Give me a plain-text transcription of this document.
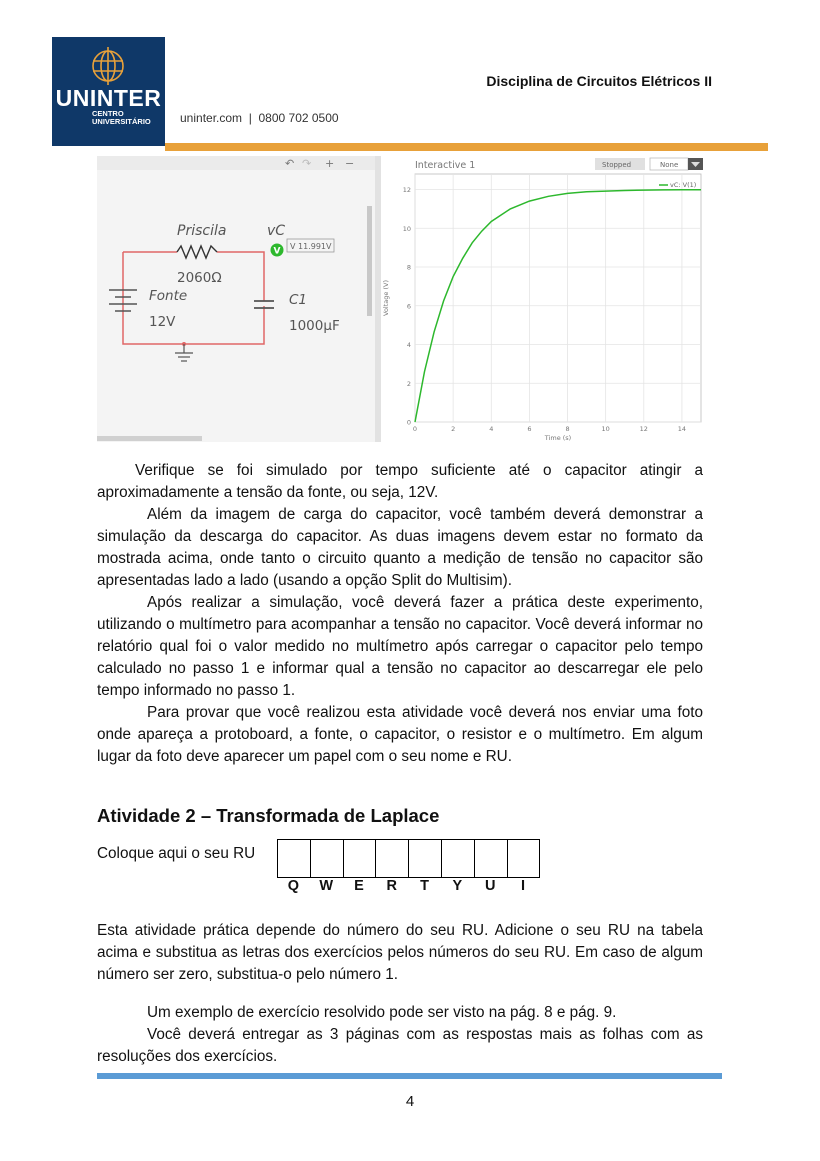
UNINTER
CENTRO
UNIVERSITÁRIO uninter.com  |  0800 702 0500
Disciplina de Circuitos Elétricos II
↶ ↷ + −
Priscila
2060Ω
Fonte
12V
C1
1000µF
vC
V V 11.991V
Interactive 1	Stopped	None
0	2	4	6	8	10	12	14
0
2
4
6
8
10
12
Time (s)
Voltage (V)
vC: V(1)

Verifique se foi simulado por tempo suficiente até o capacitor atingir a aproximadamente a tensão da fonte, ou seja, 12V.

Além da imagem de carga do capacitor, você também deverá demonstrar a simulação da descarga do capacitor. As duas imagens devem estar no formato da mostrada acima, onde tanto o circuito quanto a medição de tensão no capacitor são apresentadas lado a lado (usando a opção Split do Multisim).

Após realizar a simulação, você deverá fazer a prática deste experimento, utilizando o multímetro para acompanhar a tensão no capacitor. Você deverá informar no relatório qual foi o valor medido no multímetro após carregar o capacitor pelo tempo calculado no passo 1 e informar qual a tensão no capacitor ao descarregar ele pelo tempo informado no passo 1.

Para provar que você realizou esta atividade você deverá nos enviar uma foto onde apareça a protoboard, a fonte, o capacitor, o resistor e o multímetro. Em algum lugar da foto deve aparecer um papel com o seu nome e RU.

Atividade 2 – Transformada de Laplace
Coloque aqui o seu RU

Q	W	E	R	T	Y	U	I

Esta atividade prática depende do número do seu RU. Adicione o seu RU na tabela acima e substitua as letras dos exercícios pelos números do seu RU. Em caso de algum número ser zero, substitua-o pelo número 1.

Um exemplo de exercício resolvido pode ser visto na pág. 8 e pág. 9.

Você deverá entregar as 3 páginas com as respostas mais as folhas com as resoluções dos exercícios.

4
